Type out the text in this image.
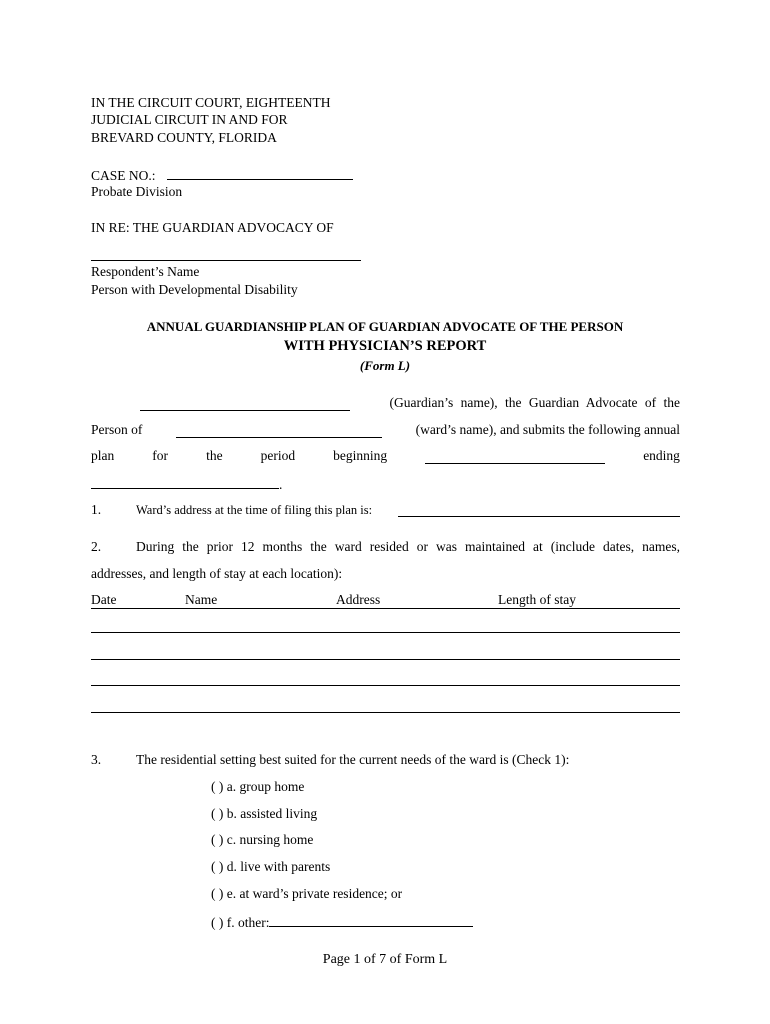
IN THE CIRCUIT COURT, EIGHTEENTH
JUDICIAL CIRCUIT IN AND FOR
BREVARD COUNTY, FLORIDA
CASE NO.:
Probate Division
IN RE: THE GUARDIAN ADVOCACY OF
Respondent’s Name
Person with Developmental Disability
ANNUAL GUARDIANSHIP PLAN OF GUARDIAN ADVOCATE OF THE PERSON
WITH PHYSICIAN’S REPORT
(Form L)
(Guardian’s name), the Guardian Advocate of the
Person of	(ward’s name), and submits the following annual
plan	for	the	period	beginning	ending
.
1.	Ward’s address at the time of filing this plan is:
2.	During the prior 12 months the ward resided or was maintained at (include dates, names,
addresses, and length of stay at each location):
Date	Name	Address	Length of stay
3.	The residential setting best suited for the current needs of the ward is (Check 1):
( ) a. group home
( ) b. assisted living
( ) c. nursing home
( ) d. live with parents
( ) e. at ward’s private residence; or
( ) f. other:
Page 1 of 7 of Form L
